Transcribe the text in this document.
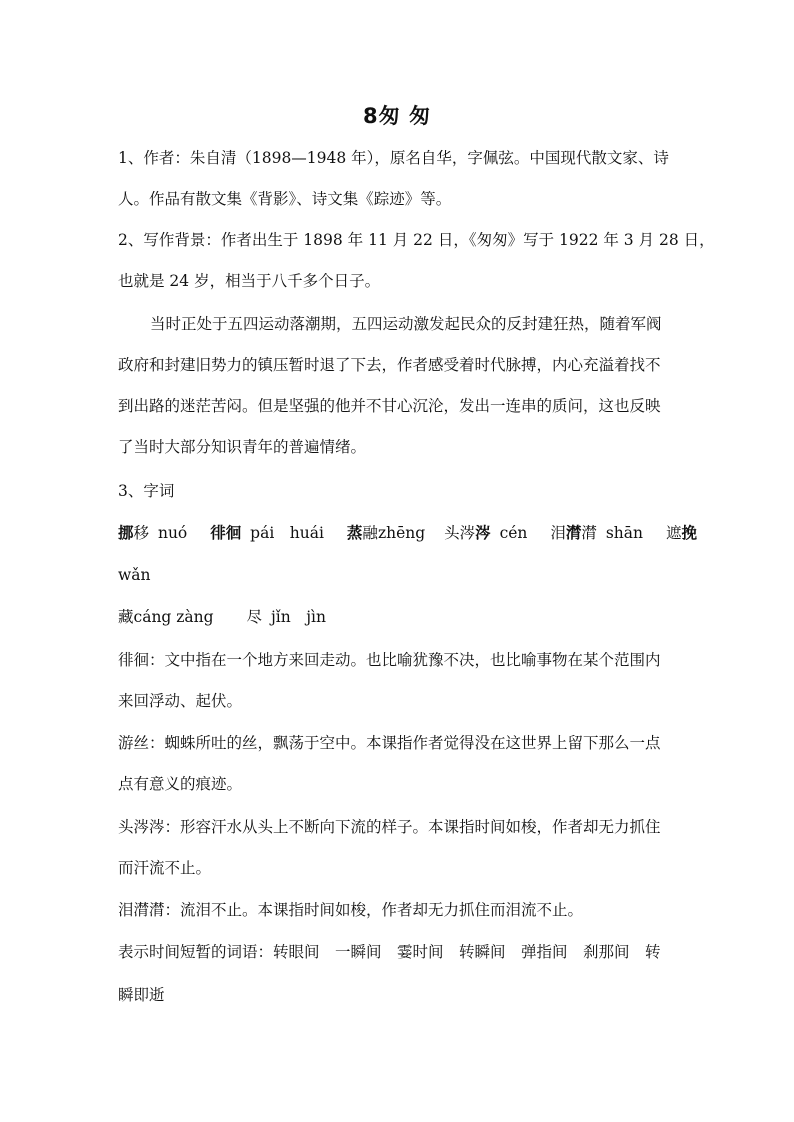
8匆 匆
1、作者：朱自清（1898—1948 年），原名自华，字佩弦。中国现代散文家、诗
人。作品有散文集《背影》、诗文集《踪迹》等。
2、写作背景：作者出生于 1898 年 11 月 22 日，《匆匆》写于 1922 年 3 月 28 日，
也就是 24 岁，相当于八千多个日子。
当时正处于五四运动落潮期，五四运动激发起民众的反封建狂热，随着军阀
政府和封建旧势力的镇压暂时退了下去，作者感受着时代脉搏，内心充溢着找不
到出路的迷茫苦闷。但是坚强的他并不甘心沉沦，发出一连串的质问，这也反映
了当时大部分知识青年的普遍情绪。
3、字词
挪移 nuó 徘徊 pái　huái 蒸融zhēng 头涔涔 cén 泪潸潸 shān 遮挽
wǎn
藏cáng zàng 尽 jǐn　jìn
徘徊：文中指在一个地方来回走动。也比喻犹豫不决，也比喻事物在某个范围内
来回浮动、起伏。
游丝：蜘蛛所吐的丝，飘荡于空中。本课指作者觉得没在这世界上留下那么一点
点有意义的痕迹。
头涔涔：形容汗水从头上不断向下流的样子。本课指时间如梭，作者却无力抓住
而汗流不止。
泪潸潸：流泪不止。本课指时间如梭，作者却无力抓住而泪流不止。
表示时间短暂的词语：转眼间　一瞬间　霎时间　转瞬间　弹指间　刹那间　转
瞬即逝
